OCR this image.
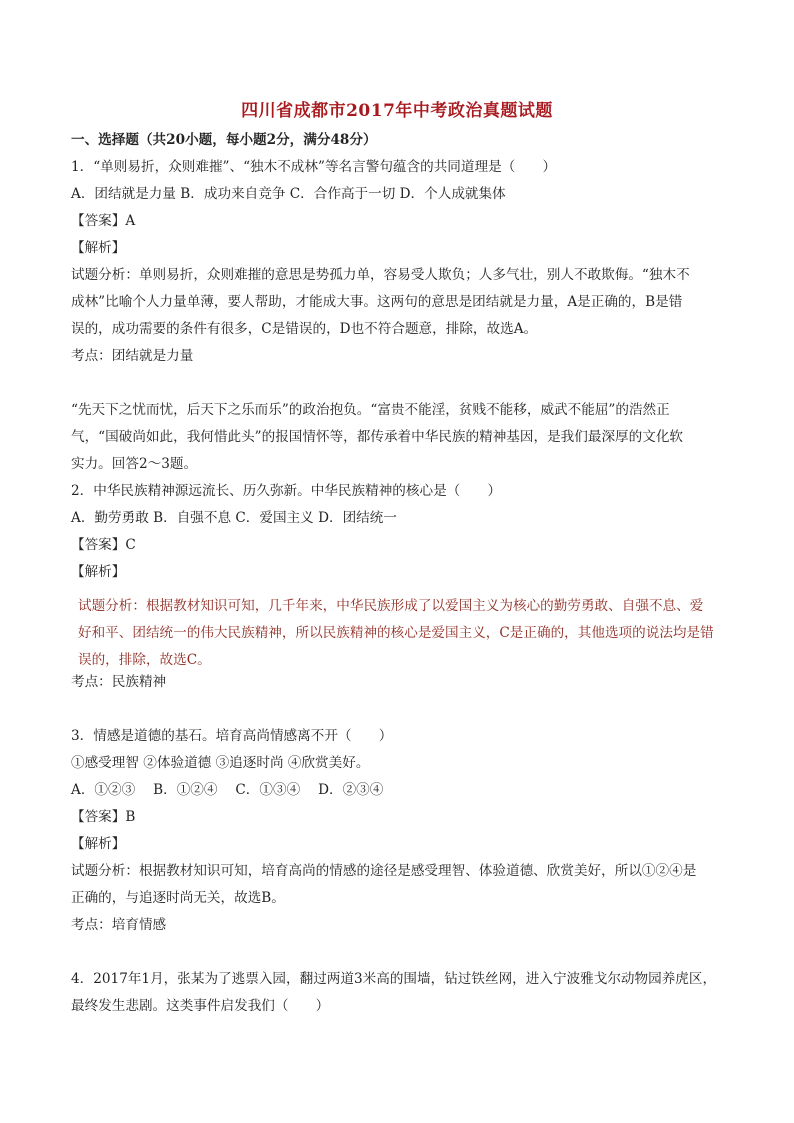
四川省成都市2017年中考政治真题试题
一、选择题（共20小题，每小题2分，满分48分）
1．“单则易折，众则难摧”、“独木不成林”等名言警句蕴含的共同道理是（　　）
A．团结就是力量 B．成功来自竞争 C．合作高于一切 D．个人成就集体
【答案】A
【解析】
试题分析：单则易折，众则难摧的意思是势孤力单，容易受人欺负；人多气壮，别人不敢欺侮。“独木不
成林”比喻个人力量单薄，要人帮助，才能成大事。这两句的意思是团结就是力量，A是正确的，B是错
误的，成功需要的条件有很多，C是错误的，D也不符合题意，排除，故选A。
考点：团结就是力量
“先天下之忧而忧，后天下之乐而乐”的政治抱负。“富贵不能淫，贫贱不能移，威武不能屈”的浩然正
气，“国破尚如此，我何惜此头”的报国情怀等，都传承着中华民族的精神基因，是我们最深厚的文化软
实力。回答2～3题。
2．中华民族精神源远流长、历久弥新。中华民族精神的核心是（　　）
A．勤劳勇敢 B．自强不息 C．爱国主义 D．团结统一
【答案】C
【解析】
试题分析：根据教材知识可知，几千年来，中华民族形成了以爱国主义为核心的勤劳勇敢、自强不息、爱
好和平、团结统一的伟大民族精神，所以民族精神的核心是爱国主义，C是正确的，其他选项的说法均是错
误的，排除，故选C。
考点：民族精神
3．情感是道德的基石。培育高尚情感离不开（　　）
①感受理智 ②体验道德 ③追逐时尚 ④欣赏美好。
A．①②③　 B．①②④　 C．①③④　 D．②③④
【答案】B
【解析】
试题分析：根据教材知识可知，培育高尚的情感的途径是感受理智、体验道德、欣赏美好，所以①②④是
正确的，与追逐时尚无关，故选B。
考点：培育情感
4．2017年1月，张某为了逃票入园，翻过两道3米高的围墙，钻过铁丝网，进入宁波雅戈尔动物园养虎区，
最终发生悲剧。这类事件启发我们（　　）
